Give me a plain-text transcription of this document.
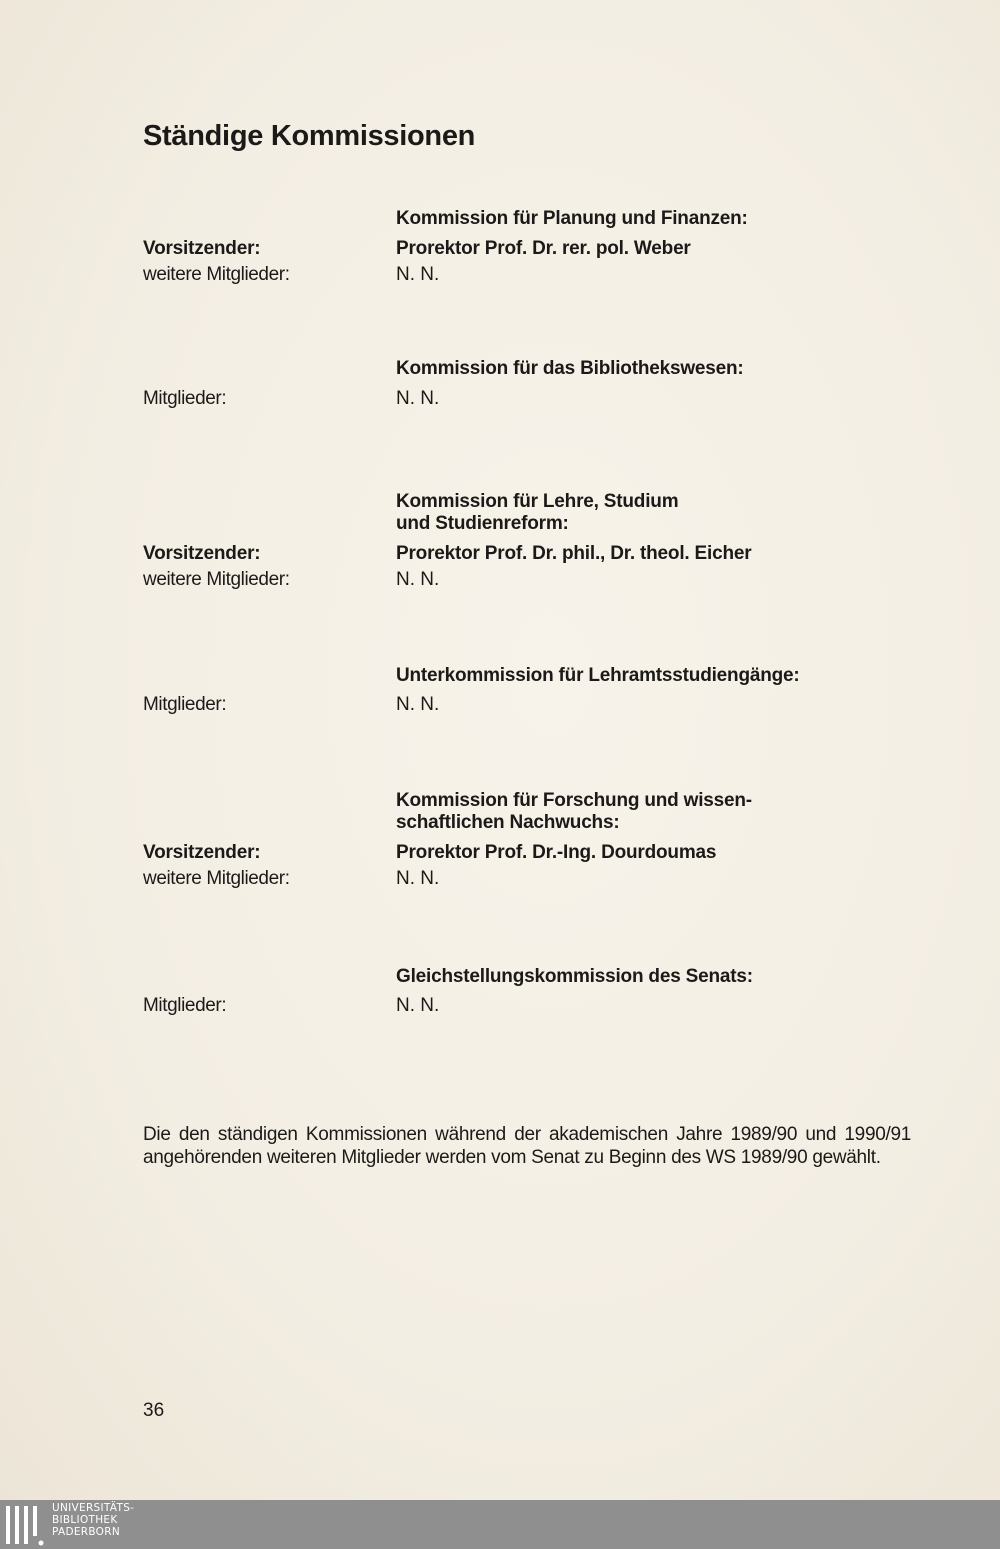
Ständige Kommissionen
Kommission für Planung und Finanzen:
Vorsitzender:	Prorektor Prof. Dr. rer. pol. Weber
weitere Mitglieder:	N. N.
Kommission für das Bibliothekswesen:
Mitglieder:	N. N.
Kommission für Lehre, Studium
und Studienreform:
Vorsitzender:	Prorektor Prof. Dr. phil., Dr. theol. Eicher
weitere Mitglieder:	N. N.
Unterkommission für Lehramtsstudiengänge:
Mitglieder:	N. N.
Kommission für Forschung und wissen-
schaftlichen Nachwuchs:
Vorsitzender:	Prorektor Prof. Dr.-Ing. Dourdoumas
weitere Mitglieder:	N. N.
Gleichstellungskommission des Senats:
Mitglieder:	N. N.

Die den ständigen Kommissionen während der akademischen Jahre 1989/90 und 1990/91 angehörenden weiteren Mitglieder werden vom Senat zu Beginn des WS 1989/90 gewählt.

36
UNIVERSITÄTS-
BIBLIOTHEK
PADERBORN
